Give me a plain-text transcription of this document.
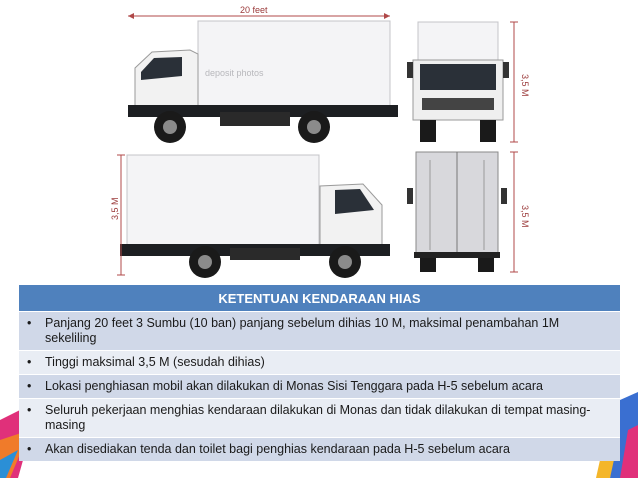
20 feet
3,5 M
3,5 M	3,5 M
deposit photos
KETENTUAN KENDARAAN HIAS
•	Panjang 20 feet 3 Sumbu (10 ban) panjang sebelum dihias 10 M, maksimal penambahan 1M sekeliling
•	Tinggi maksimal 3,5 M (sesudah dihias)
•	Lokasi penghiasan mobil akan dilakukan di Monas Sisi Tenggara pada H-5 sebelum acara
•	Seluruh pekerjaan menghias kendaraan dilakukan di Monas dan tidak dilakukan di tempat masing-masing
•	Akan disediakan tenda dan toilet bagi penghias kendaraan pada H-5 sebelum acara
